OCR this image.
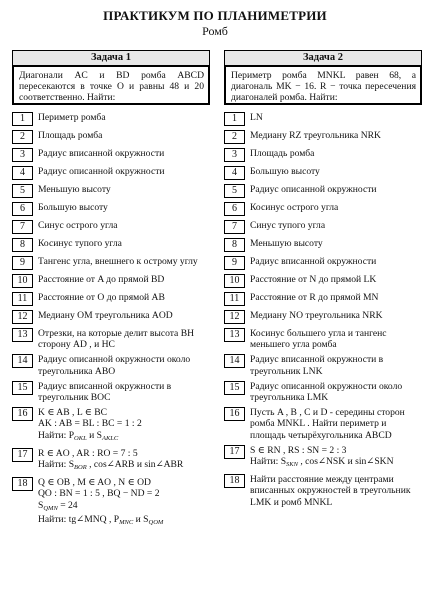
ПРАКТИКУМ ПО ПЛАНИМЕТРИИ
Ромб
Задача 1
Диагонали AC и BD ромба ABCD пересекаются в точке O и равны 48 и 20 соответственно. Найти:
1	Периметр ромба
2	Площадь ромба
3	Радиус вписанной окружности
4	Радиус описанной окружности
5	Меньшую высоту
6	Большую высоту
7	Синус острого угла
8	Косинус тупого угла
9	Тангенс угла, внешнего к острому углу
10	Расстояние от A до прямой BD
11	Расстояние от O до прямой AB
12	Медиану OM треугольника AOD
13	Отрезки, на которые делит высота BH сторону AD , и HC
14	Радиус описанной окружности около треугольника ABO
15	Радиус вписанной окружности в треугольник BOC
16	K ∈ AB , L ∈ BC
AK : AB = BL : BC = 1 : 2
Найти: $P_{OKL}$ и $S_{AKLC}$
17	R ∈ AO , AR : RO = 7 : 5
Найти: $S_{BOR}$ , cos∠ARB и sin∠ABR
18	Q ∈ OB , M ∈ AO , N ∈ OD
QO : BN = 1 : 5 , BQ − ND = 2
$S_{QMN} = 24$
Найти: tg∠MNQ , $P_{MNC}$ и $S_{QOM}$
Задача 2
Периметр ромба MNKL равен 68, а диагональ MK − 16. R − точка пересечения диагоналей ромба. Найти:
1	LN
2	Медиану RZ треугольника NRK
3	Площадь ромба
4	Большую высоту
5	Радиус описанной окружности
6	Косинус острого угла
7	Синус тупого угла
8	Меньшую высоту
9	Радиус вписанной окружности
10	Расстояние от N до прямой LK
11	Расстояние от R до прямой MN
12	Медиану NO треугольника NRK
13	Косинус большего угла и тангенс меньшего угла ромба
14	Радиус вписанной окружности в треугольник LNK
15	Радиус описанной окружности около треугольника LMK
16	Пусть A , B , C и D - середины сторон ромба MNKL . Найти периметр и площадь четырёхугольника ABCD
17	S ∈ RN , RS : SN = 2 : 3
Найти: $S_{SKN}$ , cos∠NSK и sin∠SKN
18	Найти расстояние между центрами вписанных окружностей в треугольник LMK и ромб MNKL
